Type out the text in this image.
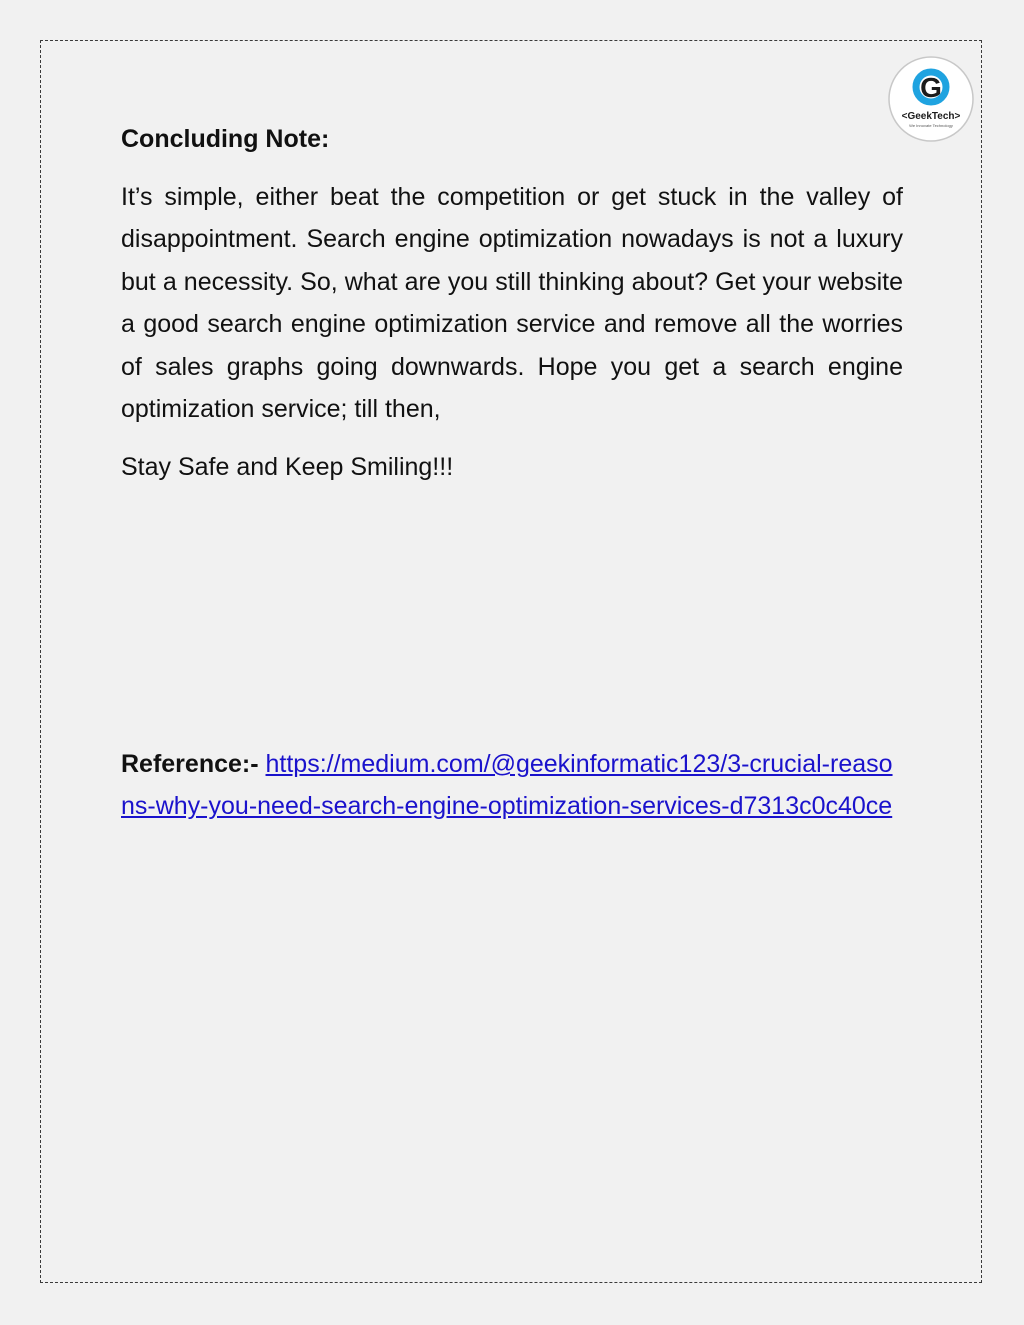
G
<GeekTech>
We Innovate Technology
Concluding Note:

It’s simple, either beat the competition or get stuck in the valley of disappointment. Search engine optimization nowadays is not a luxury but a necessity. So, what are you still thinking about? Get your website a good search engine optimization service and remove all the worries of sales graphs going downwards. Hope you get a search engine optimization service; till then,

Stay Safe and Keep Smiling!!!

Reference:- https://medium.com/@geekinformatic123/3-crucial-reasons-why-you-need-search-engine-optimization-services-d7313c0c40ce
